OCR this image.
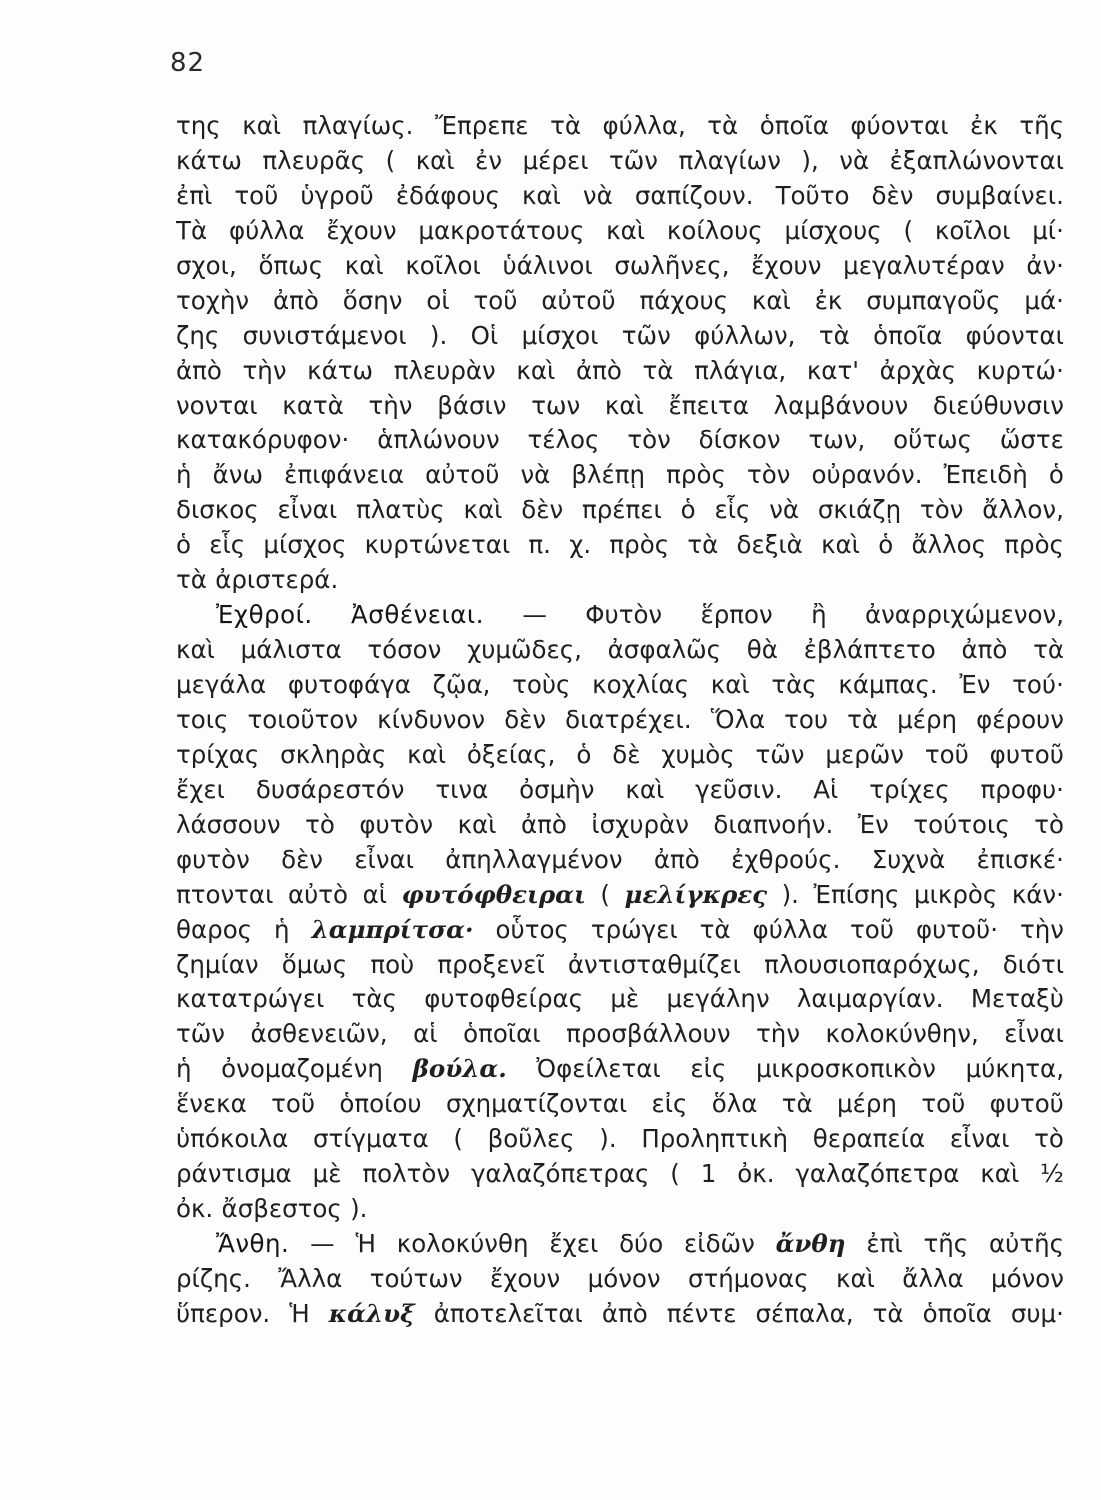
82
της καὶ πλαγίως. Ἔπρεπε τὰ φύλλα, τὰ ὁποῖα φύονται ἐκ τῆς
κάτω πλευρᾶς ( καὶ ἐν μέρει τῶν πλαγίων ), νὰ ἐξαπλώνονται
ἐπὶ τοῦ ὑγροῦ ἐδάφους καὶ νὰ σαπίζουν. Τοῦτο δὲν συμβαίνει.
Τὰ φύλλα ἔχουν μακροτάτους καὶ κοίλους μίσχους ( κοῖλοι μί·
σχοι, ὅπως καὶ κοῖλοι ὑάλινοι σωλῆνες, ἔχουν μεγαλυτέραν ἀν·
τοχὴν ἀπὸ ὅσην οἱ τοῦ αὐτοῦ πάχους καὶ ἐκ συμπαγοῦς μά·
ζης συνιστάμενοι ). Οἱ μίσχοι τῶν φύλλων, τὰ ὁποῖα φύονται
ἀπὸ τὴν κάτω πλευρὰν καὶ ἀπὸ τὰ πλάγια, κατ' ἀρχὰς κυρτώ·
νονται κατὰ τὴν βάσιν των καὶ ἔπειτα λαμβάνουν διεύθυνσιν
κατακόρυφον· ἁπλώνουν τέλος τὸν δίσκον των, οὕτως ὥστε
ἡ ἄνω ἐπιφάνεια αὐτοῦ νὰ βλέπῃ πρὸς τὸν οὐρανόν. Ἐπειδὴ ὁ
δισκος εἶναι πλατὺς καὶ δὲν πρέπει ὁ εἷς νὰ σκιάζῃ τὸν ἄλλον,
ὁ εἷς μίσχος κυρτώνεται π. χ. πρὸς τὰ δεξιὰ καὶ ὁ ἄλλος πρὸς
τὰ ἀριστερά.
Ἐχθροί. Ἀσθένειαι. — Φυτὸν ἕρπον ἢ ἀναρριχώμενον,
καὶ μάλιστα τόσον χυμῶδες, ἀσφαλῶς θὰ ἐβλάπτετο ἀπὸ τὰ
μεγάλα φυτοφάγα ζῷα, τοὺς κοχλίας καὶ τὰς κάμπας. Ἐν τού·
τοις τοιοῦτον κίνδυνον δὲν διατρέχει. Ὅλα του τὰ μέρη φέρουν
τρίχας σκληρὰς καὶ ὀξείας, ὁ δὲ χυμὸς τῶν μερῶν τοῦ φυτοῦ
ἔχει δυσάρεστόν τινα ὀσμὴν καὶ γεῦσιν. Αἱ τρίχες προφυ·
λάσσουν τὸ φυτὸν καὶ ἀπὸ ἰσχυρὰν διαπνοήν. Ἐν τούτοις τὸ
φυτὸν δὲν εἶναι ἀπηλλαγμένον ἀπὸ ἐχθρούς. Συχνὰ ἐπισκέ·
πτονται αὐτὸ αἱ φυτόφθειραι ( μελίγκρες ). Ἐπίσης μικρὸς κάν·
θαρος ἡ λαμπρίτσα· οὗτος τρώγει τὰ φύλλα τοῦ φυτοῦ· τὴν
ζημίαν ὅμως ποὺ προξενεῖ ἀντισταθμίζει πλουσιοπαρόχως, διότι
κατατρώγει τὰς φυτοφθείρας μὲ μεγάλην λαιμαργίαν. Μεταξὺ
τῶν ἀσθενειῶν, αἱ ὁποῖαι προσβάλλουν τὴν κολοκύνθην, εἶναι
ἡ ὀνομαζομένη βούλα. Ὀφείλεται εἰς μικροσκοπικὸν μύκητα,
ἕνεκα τοῦ ὁποίου σχηματίζονται εἰς ὅλα τὰ μέρη τοῦ φυτοῦ
ὑπόκοιλα στίγματα ( βοῦλες ). Προληπτικὴ θεραπεία εἶναι τὸ
ράντισμα μὲ πολτὸν γαλαζόπετρας ( 1 ὀκ. γαλαζόπετρα καὶ ½
ὀκ. ἄσβεστος ).
Ἄνθη. — Ἡ κολοκύνθη ἔχει δύο εἰδῶν ἄνθη ἐπὶ τῆς αὐτῆς
ρίζης. Ἄλλα τούτων ἔχουν μόνον στήμονας καὶ ἄλλα μόνον
ὕπερον. Ἡ κάλυξ ἀποτελεῖται ἀπὸ πέντε σέπαλα, τὰ ὁποῖα συμ·
